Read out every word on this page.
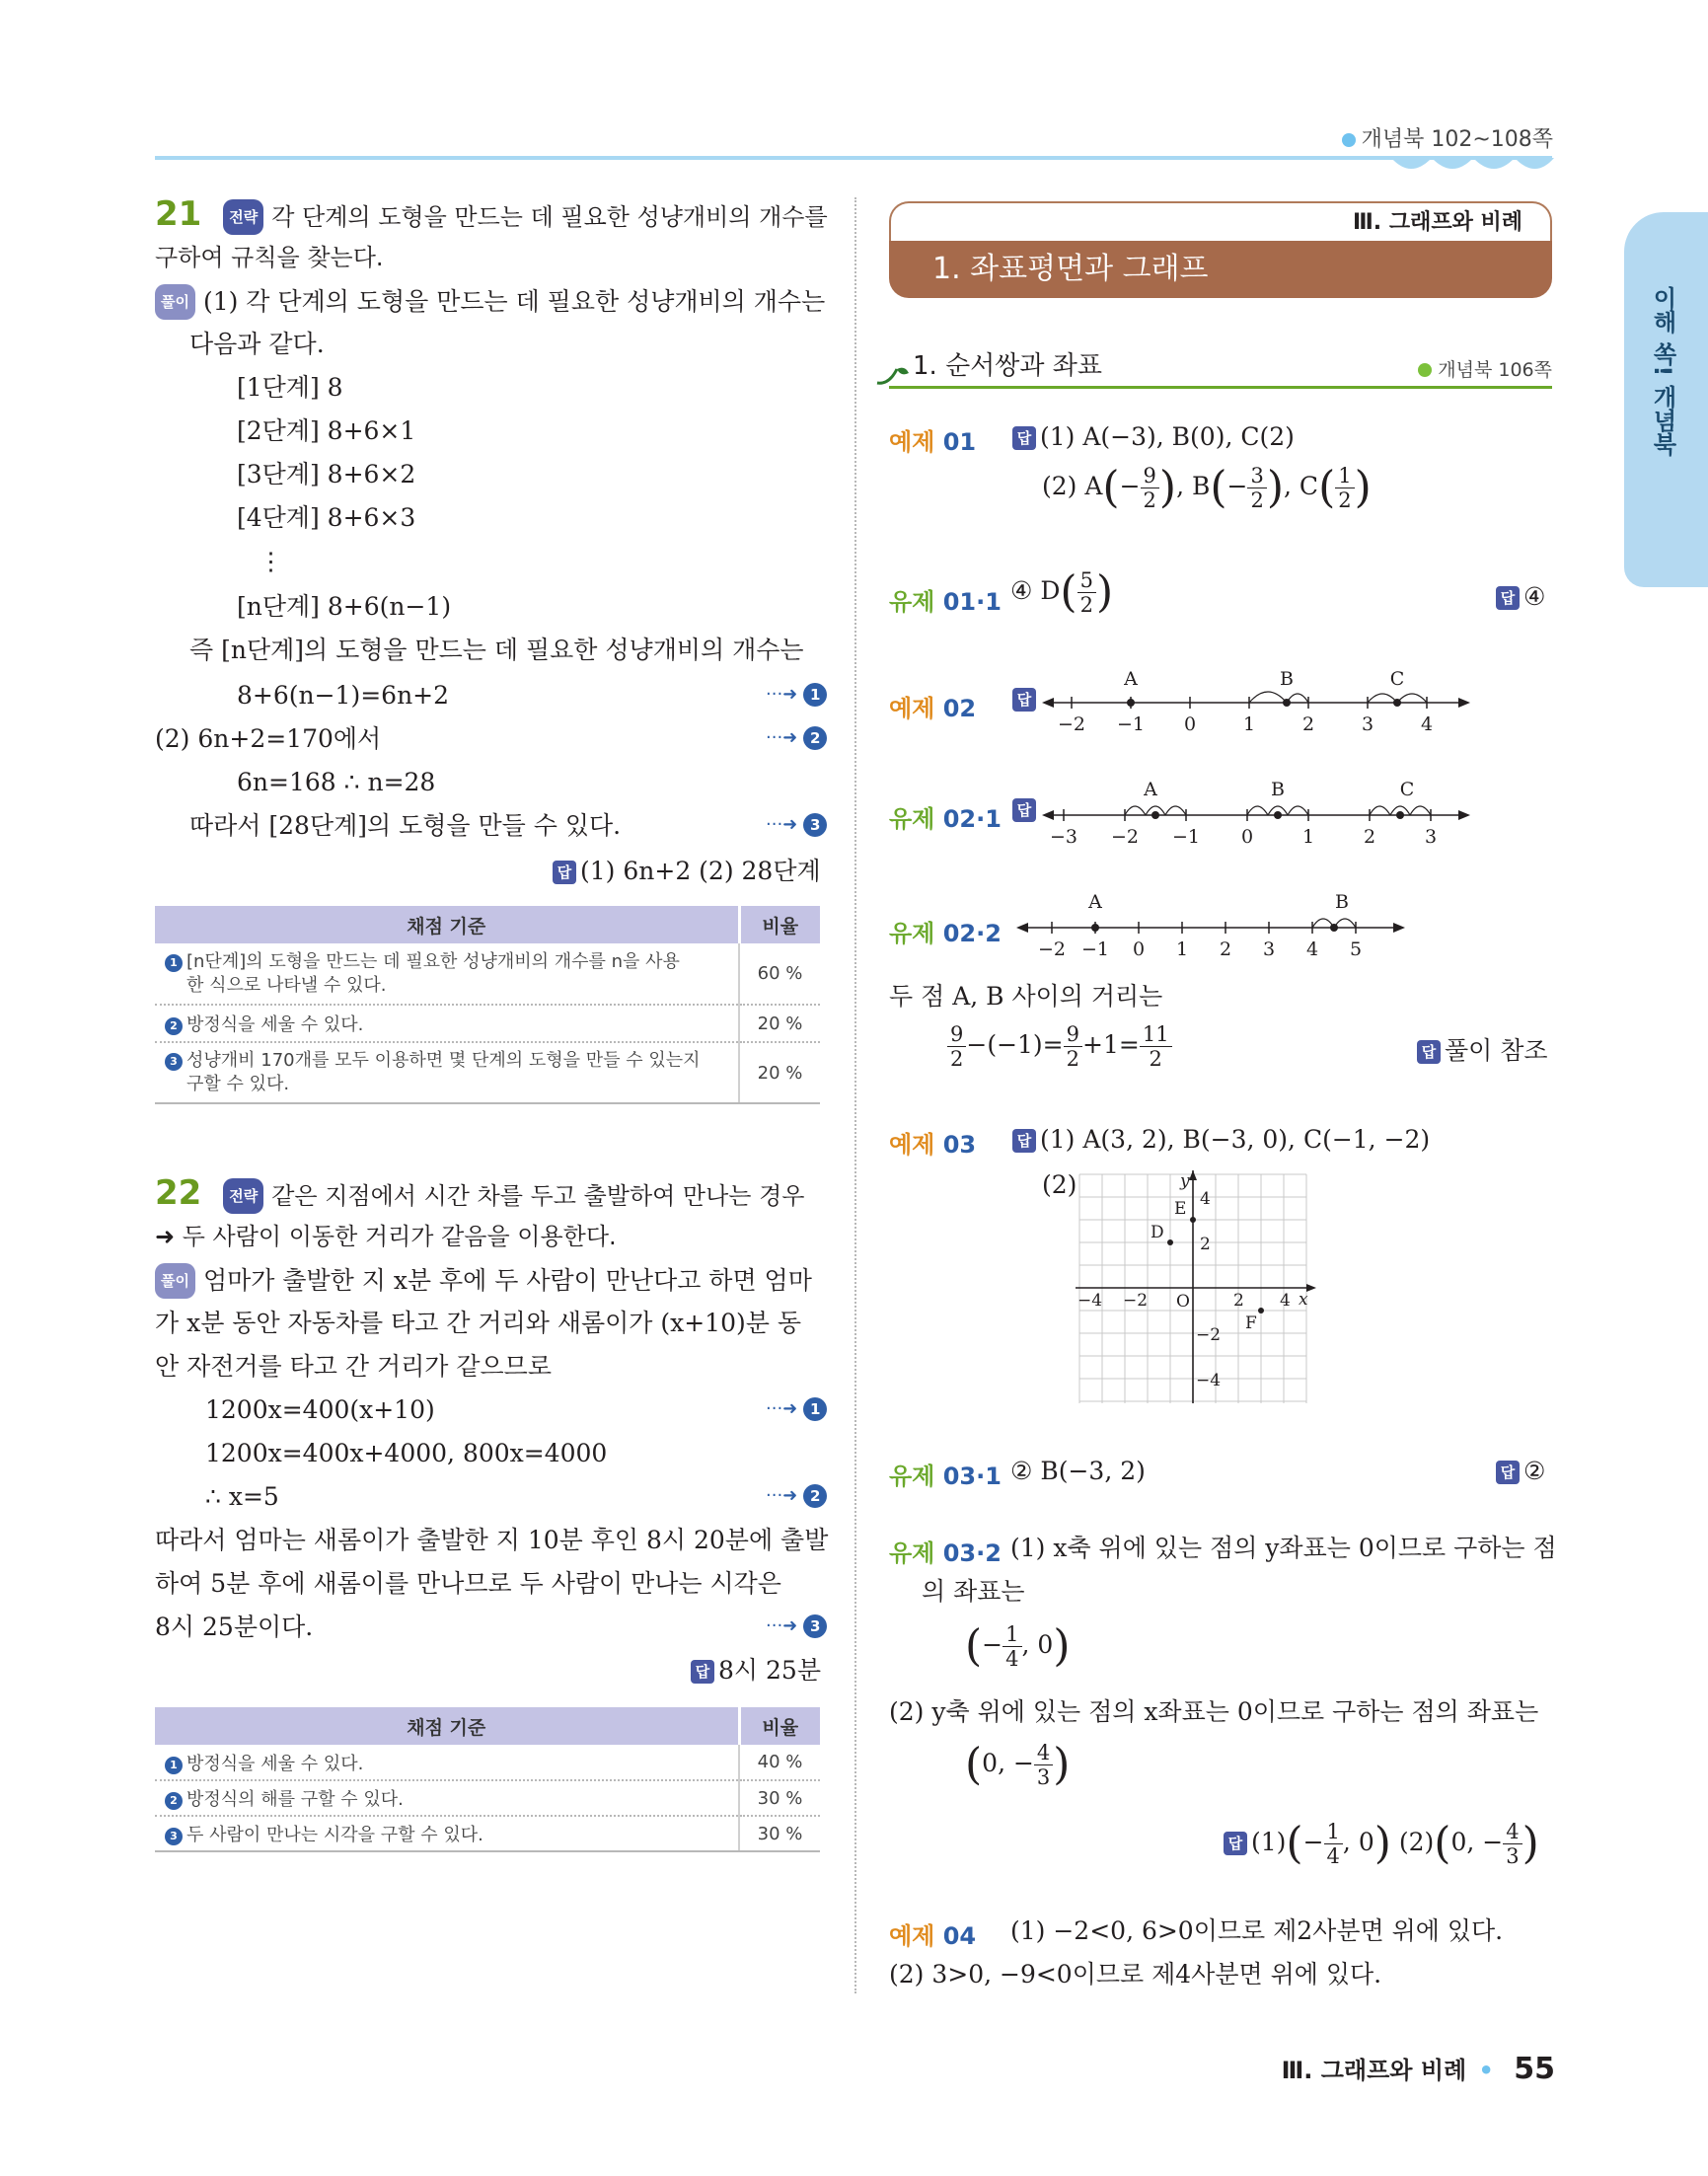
개념북 102~108쪽
이해 쏙! 개념북
21 전략 각 단계의 도형을 만드는 데 필요한 성냥개비의 개수를
구하여 규칙을 찾는다.
풀이 (1) 각 단계의 도형을 만드는 데 필요한 성냥개비의 개수는
다음과 같다.
[1단계] 8
[2단계] 8+6×1
[3단계] 8+6×2
[4단계] 8+6×3
⋮
[n단계] 8+6(n−1)
즉 [n단계]의 도형을 만드는 데 필요한 성냥개비의 개수는
8+6(n−1)=6n+2	···➜ 1
(2) 6n+2=170에서	···➜ 2
6n=168 ∴ n=28
따라서 [28단계]의 도형을 만들 수 있다.	···➜ 3
답 (1) 6n+2 (2) 28단계
채점 기준	비율
1 [n단계]의 도형을 만드는 데 필요한 성냥개비의 개수를 n을 사용
한 식으로 나타낼 수 있다.	60 %
2 방정식을 세울 수 있다.	20 %
3 성냥개비 170개를 모두 이용하면 몇 단계의 도형을 만들 수 있는지
구할 수 있다.	20 %
22 전략 같은 지점에서 시간 차를 두고 출발하여 만나는 경우
➜ 두 사람이 이동한 거리가 같음을 이용한다.
풀이 엄마가 출발한 지 x분 후에 두 사람이 만난다고 하면 엄마
가 x분 동안 자동차를 타고 간 거리와 새롬이가 (x+10)분 동
안 자전거를 타고 간 거리가 같으므로
1200x=400(x+10)	···➜ 1
1200x=400x+4000, 800x=4000
∴ x=5	···➜ 2
따라서 엄마는 새롬이가 출발한 지 10분 후인 8시 20분에 출발
하여 5분 후에 새롬이를 만나므로 두 사람이 만나는 시각은
8시 25분이다.	···➜ 3
답 8시 25분
채점 기준	비율
1 방정식을 세울 수 있다.	40 %
2 방정식의 해를 구할 수 있다.	30 %
3 두 사람이 만나는 시각을 구할 수 있다.	30 %
Ⅲ. 그래프와 비례
1. 좌표평면과 그래프
1. 순서쌍과 좌표	개념북 106쪽
예제 01	답 (1) A(−3), B(0), C(2)
(2) $A(- \frac{9}{2}$ ), $B(- \frac{3}{2}$ ), $C( \frac{1}{2}$ )
유제 01·1 ④ $D( \frac{5}{2}$ )	답 ④
예제 02	답
−2 −1 0	1	2	3	4
A	B	C
유제 02·1	답
−3 −2 −1 0	1	2	3
A	B	C
유제 02·2
−2 −1 0 1 2 3 4 5
A	B
두 점 A, B 사이의 거리는
$\frac{9}{2} -(-1)= \frac{9}{2} +1= \frac{11}{2}$	답 풀이 참조
예제 03	답 (1) A(3, 2), B(−3, 0), C(−1, −2)
(2)	y
x
O
4
2
−2
−4
−4 −2	2 4
D
E
F
유제 03·1 ② B(−3, 2)	답 ②
유제 03·2 (1) x축 위에 있는 점의 y좌표는 0이므로 구하는 점
의 좌표는
(− $\frac{1}{4}$ , 0)
(2) y축 위에 있는 점의 x좌표는 0이므로 구하는 점의 좌표는
(0, − $\frac{4}{3}$ )
답 $(1)(- \frac{1}{4}$ , 0) (2)(0, − $\frac{4}{3}$ )
예제 04 (1) −2<0, 6>0이므로 제2사분면 위에 있다.
(2) 3>0, −9<0이므로 제4사분면 위에 있다.
Ⅲ. 그래프와 비례 • 55
